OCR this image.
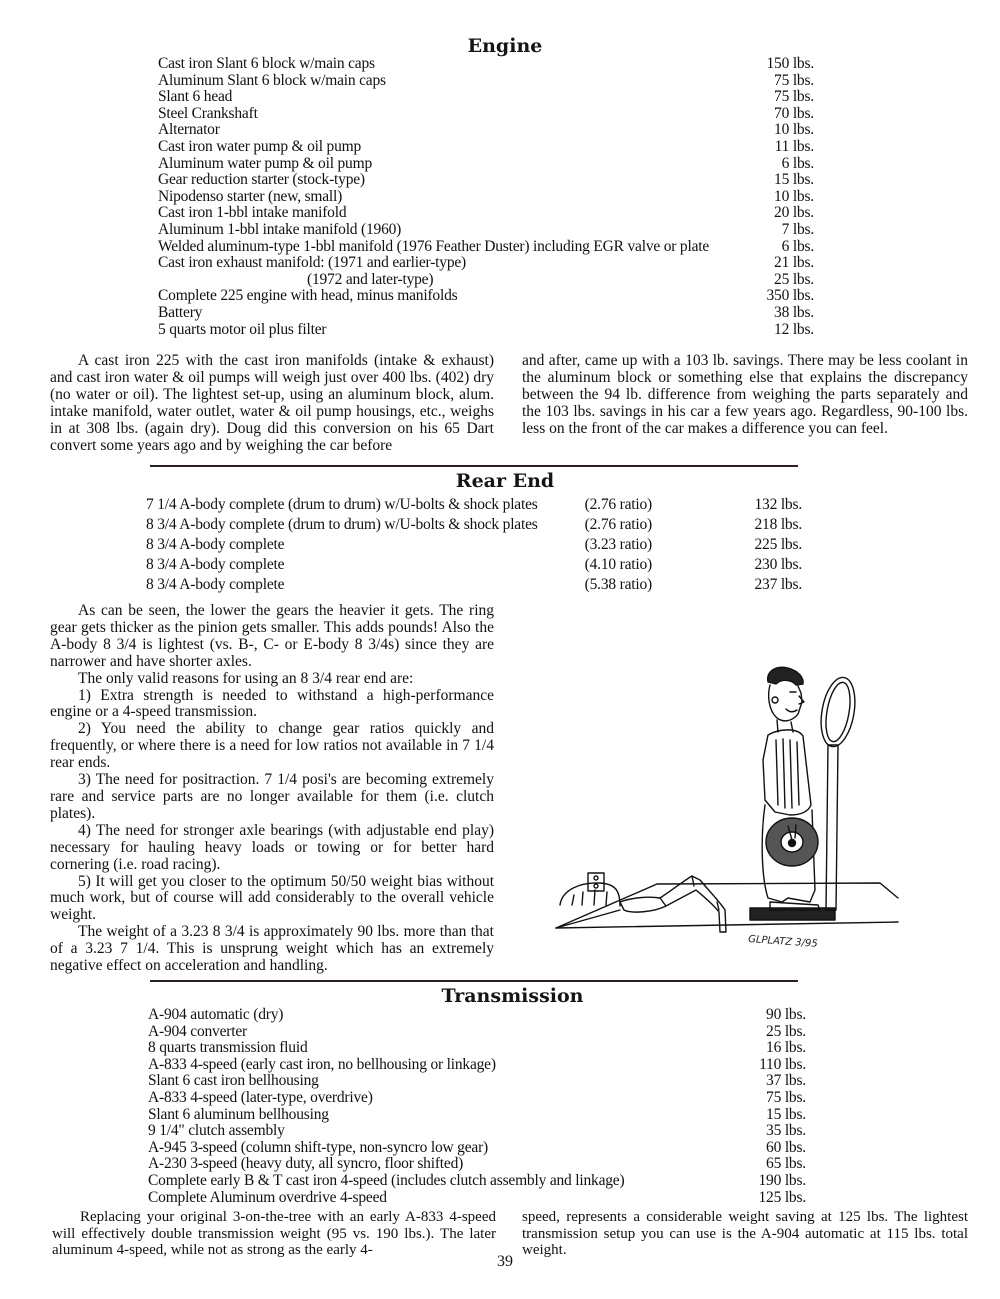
Engine
Cast iron Slant 6 block w/main caps	150 lbs.
Aluminum Slant 6 block w/main caps	75 lbs.
Slant 6 head	75 lbs.
Steel Crankshaft	70 lbs.
Alternator	10 lbs.
Cast iron water pump & oil pump	11 lbs.
Aluminum water pump & oil pump	6 lbs.
Gear reduction starter (stock-type)	15 lbs.
Nipodenso starter (new, small)	10 lbs.
Cast iron 1-bbl intake manifold	20 lbs.
Aluminum 1-bbl intake manifold (1960)	7 lbs.
Welded aluminum-type 1-bbl manifold (1976 Feather Duster) including EGR valve or plate	6 lbs.
Cast iron exhaust manifold: (1971 and earlier-type)	21 lbs.
(1972 and later-type)	25 lbs.
Complete 225 engine with head, minus manifolds	350 lbs.
Battery	38 lbs.
5 quarts motor oil plus filter	12 lbs.

A cast iron 225 with the cast iron manifolds (intake & exhaust) and cast iron water & oil pumps will weigh just over 400 lbs. (402) dry (no water or oil). The lightest set-up, using an aluminum block, alum. intake manifold, water outlet, water & oil pump housings, etc., weighs in at 308 lbs. (again dry). Doug did this conversion on his 65 Dart convert some years ago and by weighing the car before

and after, came up with a 103 lb. savings. There may be less coolant in the aluminum block or something else that explains the discrepancy between the 94 lb. difference from weighing the parts separately and the 103 lbs. savings in his car a few years ago. Regardless, 90-100 lbs. less on the front of the car makes a difference you can feel.

Rear End
7 1/4 A-body complete (drum to drum) w/U-bolts & shock plates	(2.76 ratio)	132 lbs.
8 3/4 A-body complete (drum to drum) w/U-bolts & shock plates	(2.76 ratio)	218 lbs.
8 3/4 A-body complete	(3.23 ratio)	225 lbs.
8 3/4 A-body complete	(4.10 ratio)	230 lbs.
8 3/4 A-body complete	(5.38 ratio)	237 lbs.

As can be seen, the lower the gears the heavier it gets. The ring gear gets thicker as the pinion gets smaller. This adds pounds! Also the A-body 8 3/4 is lightest (vs. B-, C- or E-body 8 3/4s) since they are narrower and have shorter axles.

The only valid reasons for using an 8 3/4 rear end are:

1) Extra strength is needed to withstand a high-performance engine or a 4-speed transmission.

2) You need the ability to change gear ratios quickly and frequently, or where there is a need for low ratios not available in 7 1/4 rear ends.

3) The need for positraction. 7 1/4 posi's are becoming extremely rare and service parts are no longer available for them (i.e. clutch plates).

4) The need for stronger axle bearings (with adjustable end play) necessary for hauling heavy loads or towing or for better hard cornering (i.e. road racing).

5) It will get you closer to the optimum 50/50 weight bias without much work, but of course will add considerably to the overall vehicle weight.

The weight of a 3.23 8 3/4 is approximately 90 lbs. more than that of a 3.23 7 1/4. This is unsprung weight which has an extremely negative effect on acceleration and handling.

GLPLATZ 3/95
Transmission
A-904 automatic (dry)	90 lbs.
A-904 converter	25 lbs.
8 quarts transmission fluid	16 lbs.
A-833 4-speed (early cast iron, no bellhousing or linkage)	110 lbs.
Slant 6 cast iron bellhousing	37 lbs.
A-833 4-speed (later-type, overdrive)	75 lbs.
Slant 6 aluminum bellhousing	15 lbs.
9 1/4" clutch assembly	35 lbs.
A-945 3-speed (column shift-type, non-syncro low gear)	60 lbs.
A-230 3-speed (heavy duty, all syncro, floor shifted)	65 lbs.
Complete early B & T cast iron 4-speed (includes clutch assembly and linkage)	190 lbs.
Complete Aluminum overdrive 4-speed	125 lbs.

Replacing your original 3-on-the-tree with an early A-833 4-speed will effectively double transmission weight (95 vs. 190 lbs.). The later aluminum 4-speed, while not as strong as the early 4-

speed, represents a considerable weight saving at 125 lbs. The lightest transmission setup you can use is the A-904 automatic at 115 lbs. total weight.

39
